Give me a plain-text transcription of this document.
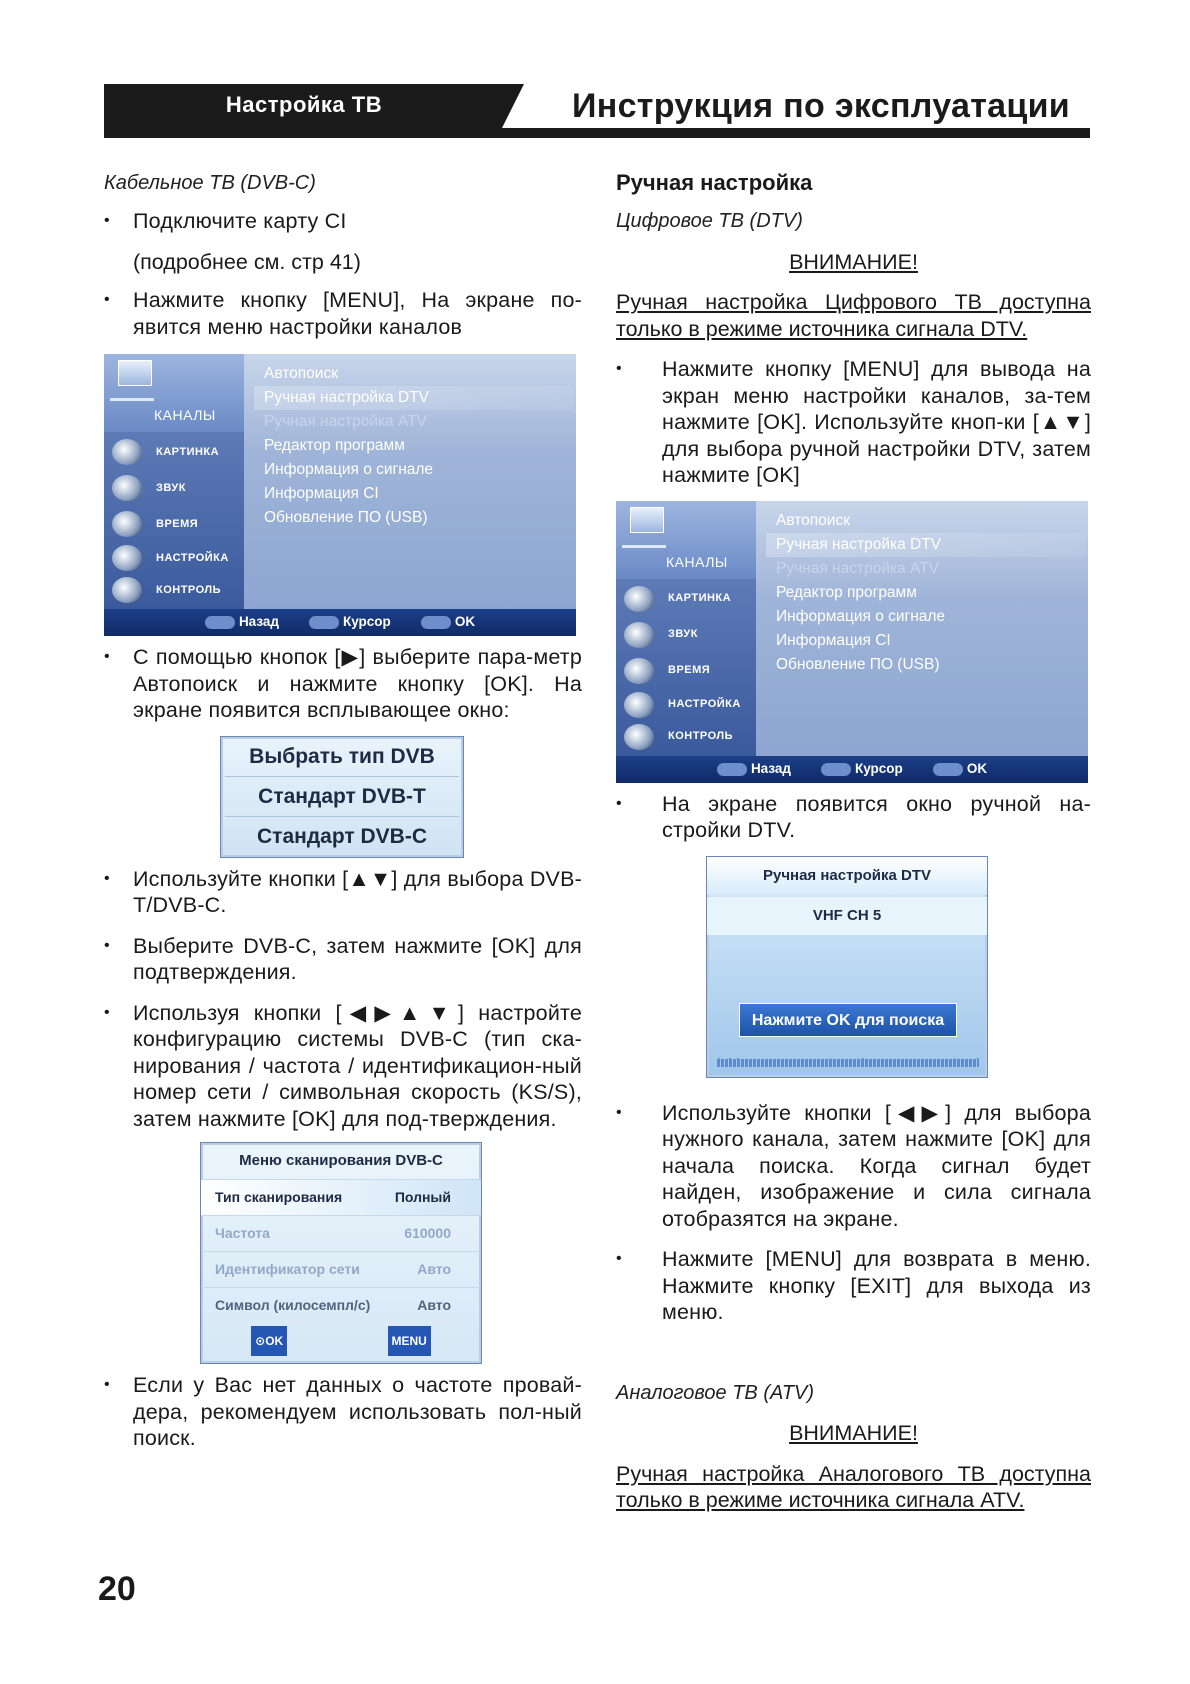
Настройка ТВ	Инструкция по эксплуатации
Кабельное ТВ (DVB-C)
• Подключите карту CI
(подробнее см. стр 41)
• Нажмите кнопку [MENU], На экране по-явится меню настройки каналов
КАНАЛЫ
КАРТИНКА
ЗВУК
ВРЕМЯ
НАСТРОЙКА
КОНТРОЛЬ
Автопоиск
Ручная настройка DTV
Ручная настройка ATV
Редактор программ
Информация о сигнале
Информация CI
Обновление ПО (USB)
Назад	Курсор	OK
• С помощью кнопок [▶] выберите пара-метр Автопоиск и нажмите кнопку [OK]. На экране появится всплывающее окно:
Выбрать тип DVB
Стандарт DVB-T
Стандарт DVB-C
• Используйте кнопки [▲▼] для выбора DVB- T/DVB-C.
• Выберите DVB-C, затем нажмите [OK] для подтверждения.
• Используя кнопки [◀▶▲▼] настройте конфигурацию системы DVB-C (тип ска-нирования / частота / идентификацион-ный номер сети / символьная скорость (KS/S), затем нажмите [OK] для под-тверждения.
Меню сканирования DVB-C
Тип сканирования	Полный
Частота	610000
Идентификатор сети	Авто
Символ (килосемпл/с)	Авто
⊙OK	MENU
• Если у Вас нет данных о частоте провай-дера, рекомендуем использовать пол-ный поиск.
Ручная настройка
Цифровое ТВ (DTV)
ВНИМАНИЕ!
Ручная настройка Цифрового ТВ доступна только в режиме источника сигнала DTV.
• Нажмите кнопку [MENU] для вывода на экран меню настройки каналов, за-тем нажмите [OK]. Используйте кноп-ки [▲▼] для выбора ручной настройки DTV, затем нажмите [OK]
КАНАЛЫ
КАРТИНКА
ЗВУК
ВРЕМЯ
НАСТРОЙКА
КОНТРОЛЬ
Автопоиск
Ручная настройка DTV
Ручная настройка ATV
Редактор программ
Информация о сигнале
Информация CI
Обновление ПО (USB)
Назад	Курсор	OK
• На экране появится окно ручной на-стройки DTV.
Ручная настройка DTV
VHF CH 5
Нажмите OK для поиска
• Используйте кнопки [◀▶] для выбора нужного канала, затем нажмите [OK] для начала поиска. Когда сигнал будет найден, изображение и сила сигнала отобразятся на экране.
• Нажмите [MENU] для возврата в меню. Нажмите кнопку [EXIT] для выхода из меню.
Аналоговое ТВ (ATV)
ВНИМАНИЕ!
Ручная настройка Аналогового ТВ доступна только в режиме источника сигнала ATV.
20
